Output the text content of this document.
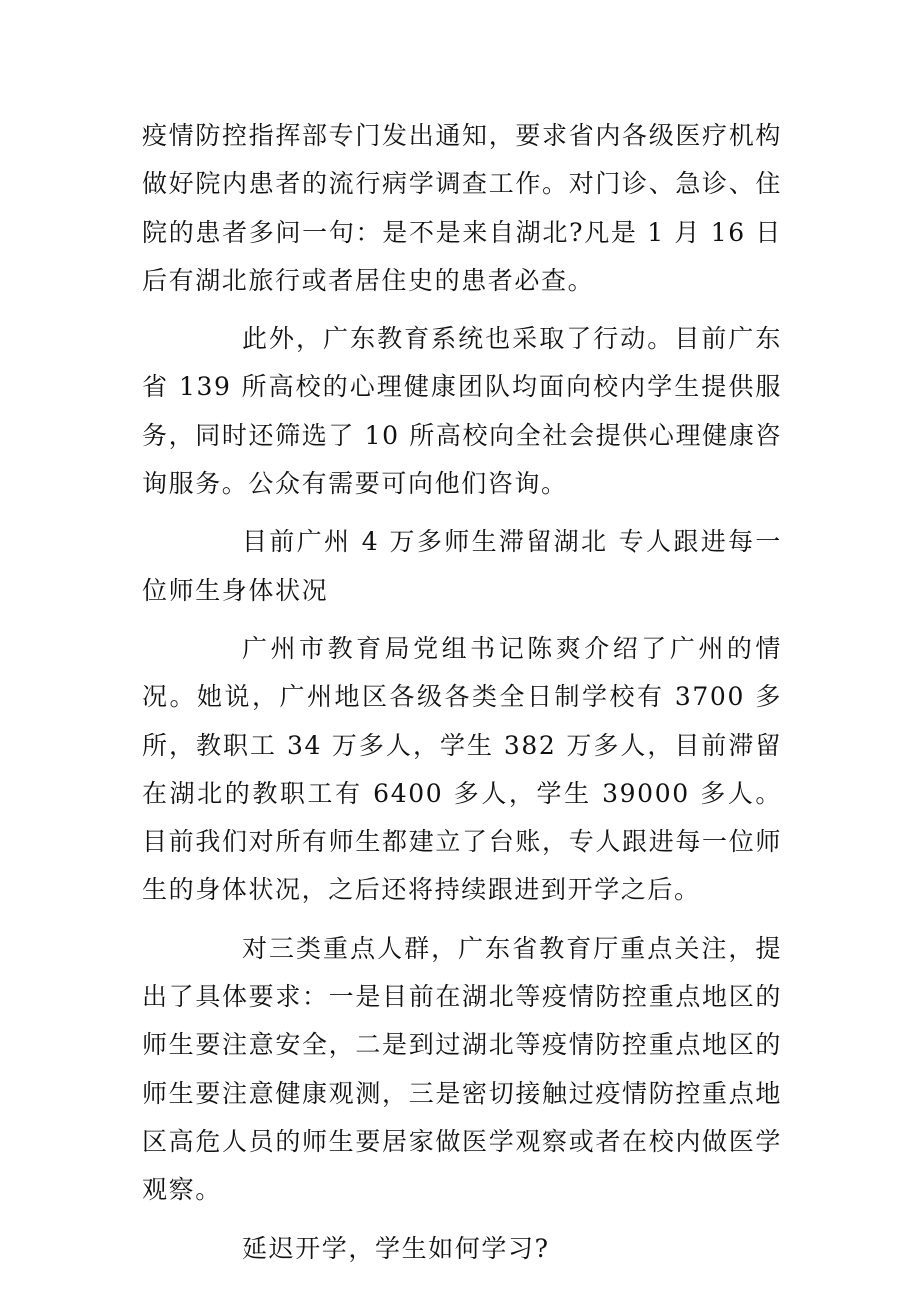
疫情防控指挥部专门发出通知，要求省内各级医疗机构做好院内患者的流行病学调查工作。对门诊、急诊、住院的患者多问一句：是不是来自湖北?凡是 1 月 16 日后有湖北旅行或者居住史的患者必查。

此外，广东教育系统也采取了行动。目前广东省 139 所高校的心理健康团队均面向校内学生提供服务，同时还筛选了 10 所高校向全社会提供心理健康咨询服务。公众有需要可向他们咨询。

目前广州 4 万多师生滞留湖北 专人跟进每一位师生身体状况

广州市教育局党组书记陈爽介绍了广州的情况。她说，广州地区各级各类全日制学校有 3700 多所，教职工 34 万多人，学生 382 万多人，目前滞留在湖北的教职工有 6400 多人，学生 39000 多人。目前我们对所有师生都建立了台账，专人跟进每一位师生的身体状况，之后还将持续跟进到开学之后。

对三类重点人群，广东省教育厅重点关注，提出了具体要求：一是目前在湖北等疫情防控重点地区的师生要注意安全，二是到过湖北等疫情防控重点地区的师生要注意健康观测，三是密切接触过疫情防控重点地区高危人员的师生要居家做医学观察或者在校内做医学观察。

延迟开学，学生如何学习?
